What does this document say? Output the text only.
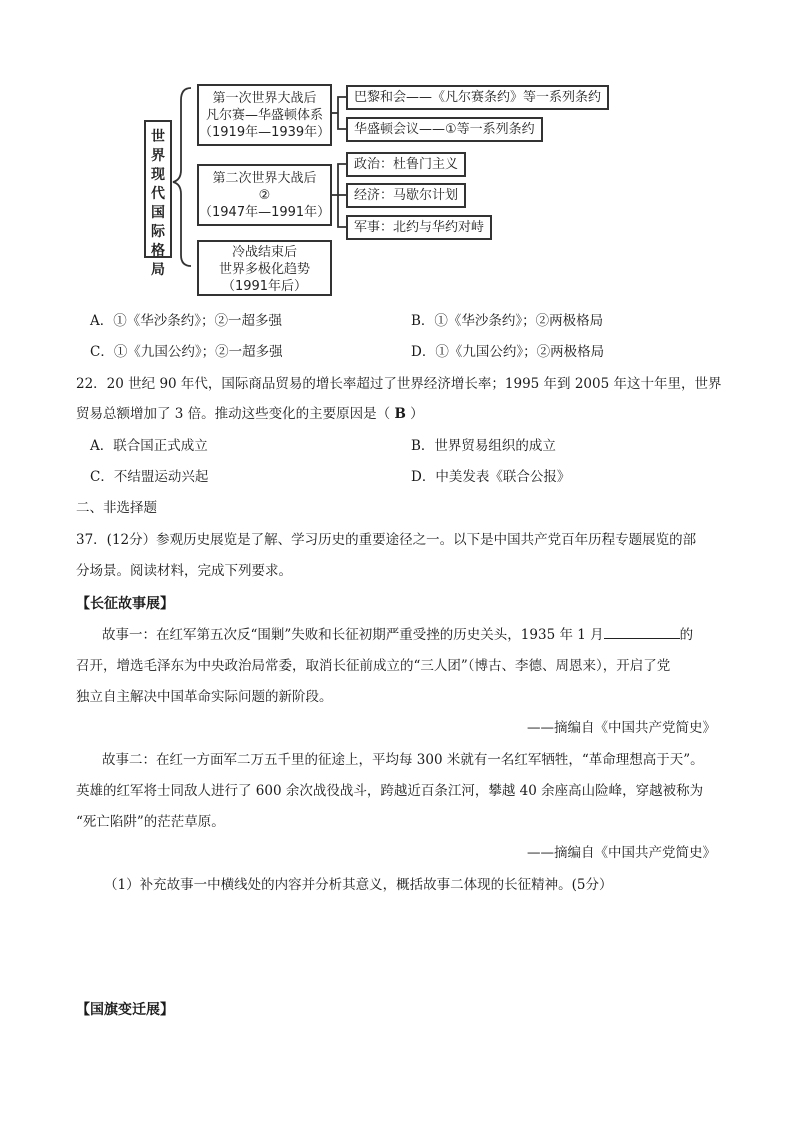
世
界
现
代
国
际
格
局
第一次世界大战后
凡尔赛—华盛顿体系
（1919年—1939年）
第二次世界大战后
②
（1947年—1991年）
冷战结束后
世界多极化趋势
（1991年后）
巴黎和会——《凡尔赛条约》等一系列条约
华盛顿会议——①等一系列条约
政治：杜鲁门主义
经济：马歇尔计划
军事：北约与华约对峙
A．①《华沙条约》；②一超多强	B．①《华沙条约》；②两极格局
C．①《九国公约》；②一超多强	D．①《九国公约》；②两极格局
22．20 世纪 90 年代，国际商品贸易的增长率超过了世界经济增长率；1995 年到 2005 年这十年里，世界
贸易总额增加了 3 倍。推动这些变化的主要原因是（ B ）
A．联合国正式成立	B．世界贸易组织的成立
C．不结盟运动兴起	D．中美发表《联合公报》
二、非选择题
37．(12分）参观历史展览是了解、学习历史的重要途径之一。以下是中国共产党百年历程专题展览的部
分场景。阅读材料，完成下列要求。
【长征故事展】
故事一：在红军第五次反“围剿”失败和长征初期严重受挫的历史关头，1935 年 1 月	的
召开，增选毛泽东为中央政治局常委，取消长征前成立的“三人团”（博古、李德、周恩来），开启了党
独立自主解决中国革命实际问题的新阶段。
——摘编自《中国共产党简史》
故事二：在红一方面军二万五千里的征途上，平均每 300 米就有一名红军牺牲，“革命理想高于天”。
英雄的红军将士同敌人进行了 600 余次战役战斗，跨越近百条江河，攀越 40 余座高山险峰，穿越被称为
“死亡陷阱”的茫茫草原。
——摘编自《中国共产党简史》
（1）补充故事一中横线处的内容并分析其意义，概括故事二体现的长征精神。(5分）
【国旗变迁展】
